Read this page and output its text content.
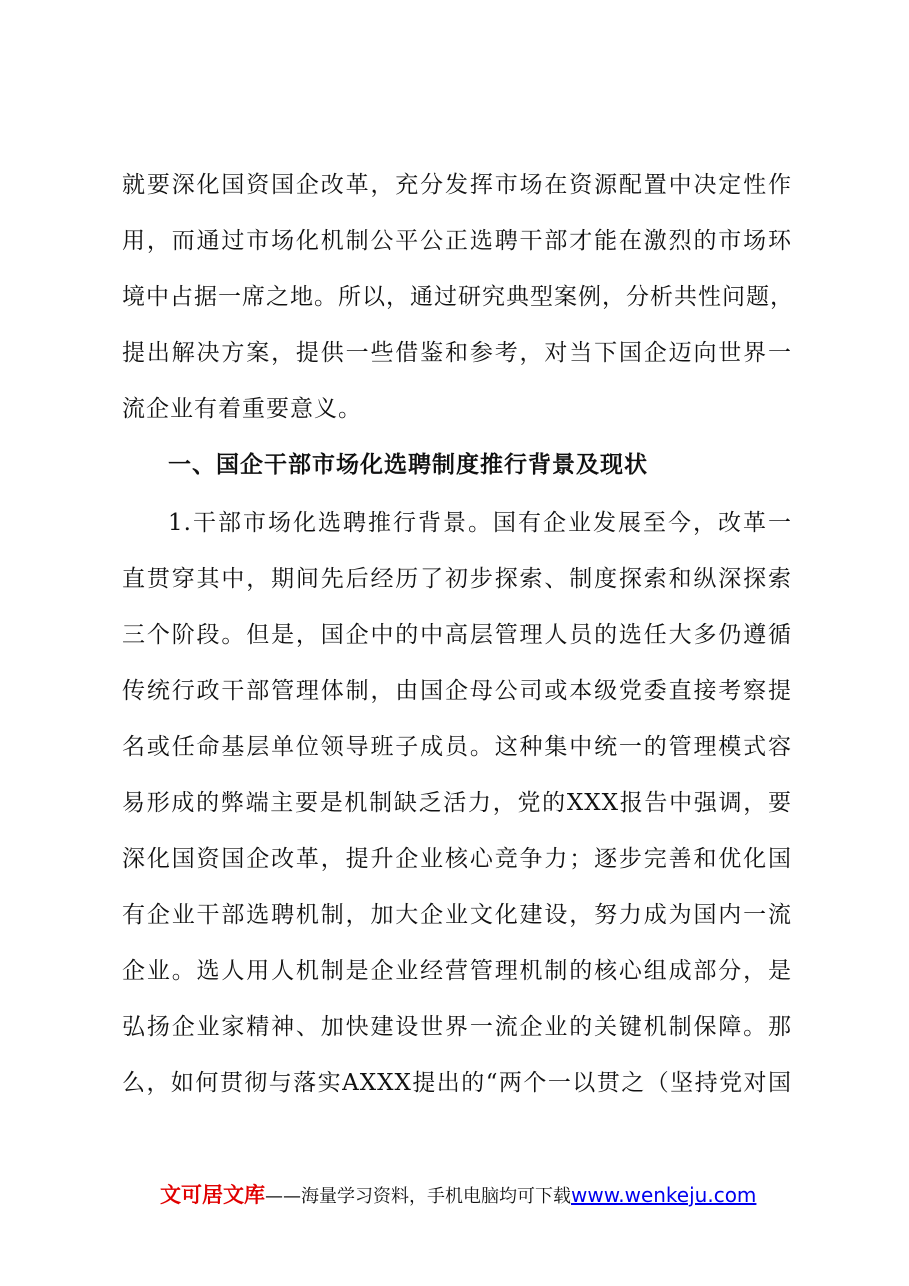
就要深化国资国企改革，充分发挥市场在资源配置中决定性作
用，而通过市场化机制公平公正选聘干部才能在激烈的市场环
境中占据一席之地。所以，通过研究典型案例，分析共性问题，
提出解决方案，提供一些借鉴和参考，对当下国企迈向世界一
流企业有着重要意义。
一、国企干部市场化选聘制度推行背景及现状
1.干部市场化选聘推行背景。国有企业发展至今，改革一
直贯穿其中，期间先后经历了初步探索、制度探索和纵深探索
三个阶段。但是，国企中的中高层管理人员的选任大多仍遵循
传统行政干部管理体制，由国企母公司或本级党委直接考察提
名或任命基层单位领导班子成员。这种集中统一的管理模式容
易形成的弊端主要是机制缺乏活力，党的XXX报告中强调，要
深化国资国企改革，提升企业核心竞争力；逐步完善和优化国
有企业干部选聘机制，加大企业文化建设，努力成为国内一流
企业。选人用人机制是企业经营管理机制的核心组成部分，是
弘扬企业家精神、加快建设世界一流企业的关键机制保障。那
么，如何贯彻与落实AXXX提出的“两个一以贯之（坚持党对国
文可居文库——海量学习资料，手机电脑均可下载www.wenkeju.com
